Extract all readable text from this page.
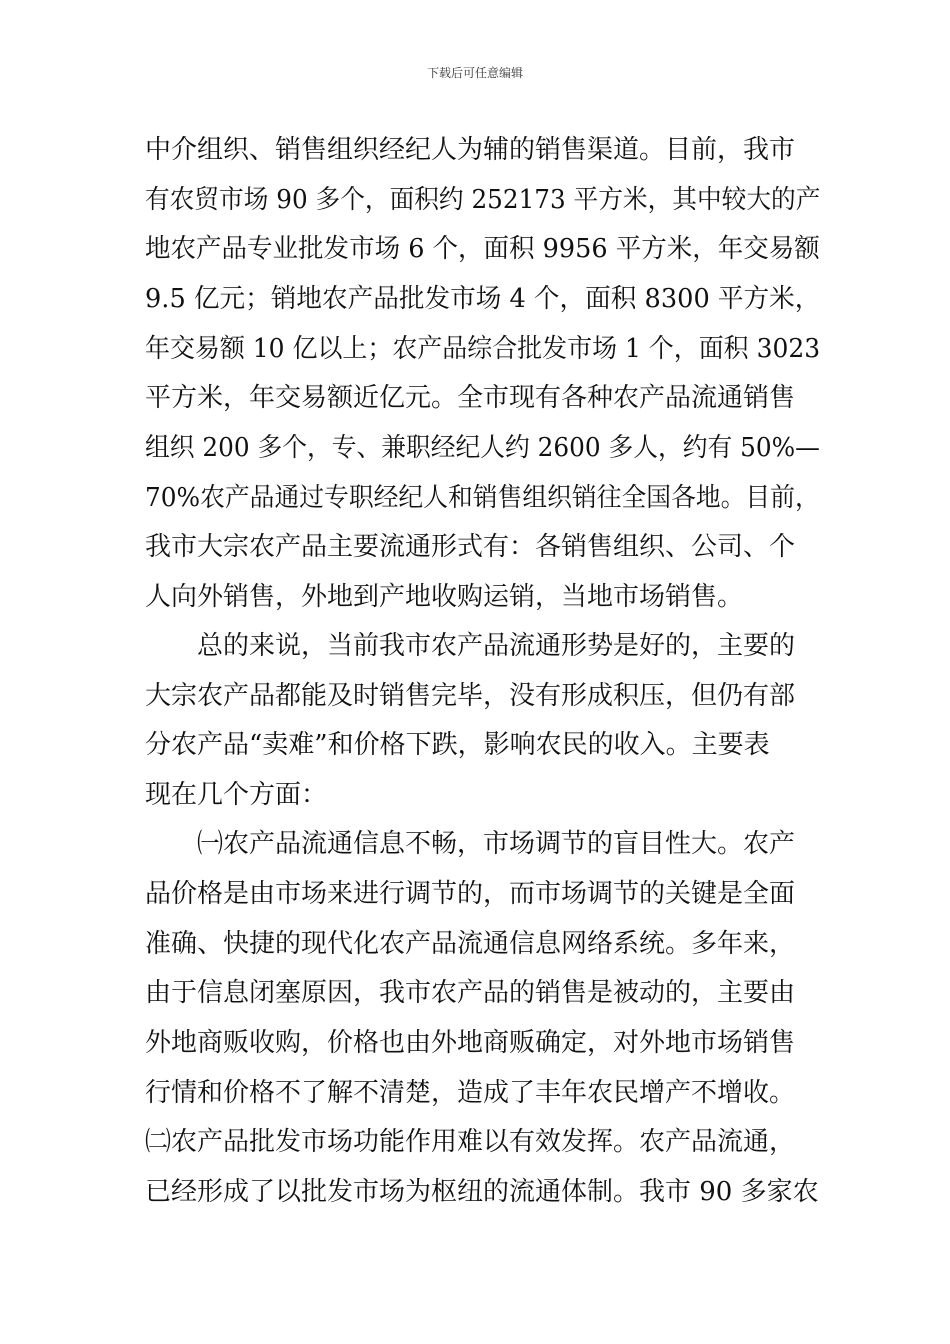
下载后可任意编辑
中介组织、销售组织经纪人为辅的销售渠道。目前，我市
有农贸市场 90 多个，面积约 252173 平方米，其中较大的产
地农产品专业批发市场 6 个，面积 9956 平方米，年交易额
9.5 亿元；销地农产品批发市场 4 个，面积 8300 平方米，
年交易额 10 亿以上；农产品综合批发市场 1 个，面积 3023
平方米，年交易额近亿元。全市现有各种农产品流通销售
组织 200 多个，专、兼职经纪人约 2600 多人，约有 50%—
70%农产品通过专职经纪人和销售组织销往全国各地。目前，
我市大宗农产品主要流通形式有：各销售组织、公司、个
人向外销售，外地到产地收购运销，当地市场销售。
总的来说，当前我市农产品流通形势是好的，主要的
大宗农产品都能及时销售完毕，没有形成积压，但仍有部
分农产品“卖难”和价格下跌，影响农民的收入。主要表
现在几个方面：
㈠农产品流通信息不畅，市场调节的盲目性大。农产
品价格是由市场来进行调节的，而市场调节的关键是全面
准确、快捷的现代化农产品流通信息网络系统。多年来，
由于信息闭塞原因，我市农产品的销售是被动的，主要由
外地商贩收购，价格也由外地商贩确定，对外地市场销售
行情和价格不了解不清楚，造成了丰年农民增产不增收。
㈡农产品批发市场功能作用难以有效发挥。农产品流通，
已经形成了以批发市场为枢纽的流通体制。我市 90 多家农
